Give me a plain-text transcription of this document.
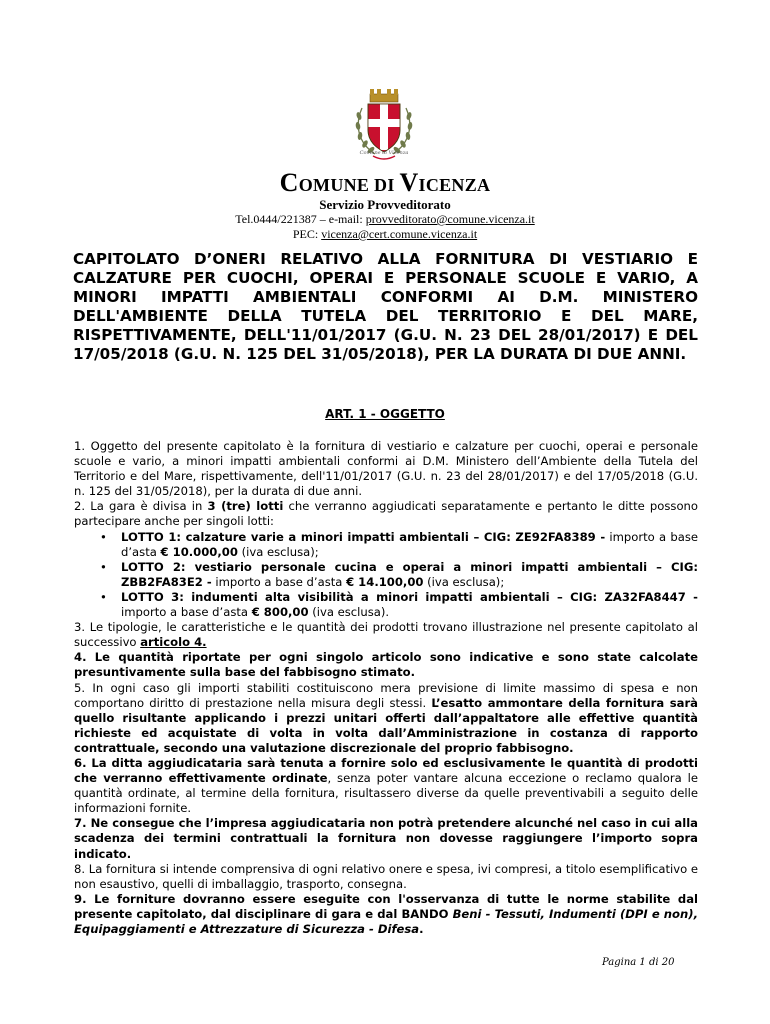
Comune di Vicenza
COMUNE DI VICENZA
Servizio Provveditorato
Tel.0444/221387 – e-mail: provveditorato@comune.vicenza.it
PEC: vicenza@cert.comune.vicenza.it
CAPITOLATO D’ONERI RELATIVO ALLA FORNITURA DI VESTIARIO E CALZATURE PER CUOCHI, OPERAI E PERSONALE SCUOLE E VARIO, A MINORI IMPATTI AMBIENTALI CONFORMI AI D.M. MINISTERO DELL'AMBIENTE DELLA TUTELA DEL TERRITORIO E DEL MARE, RISPETTIVAMENTE, DELL'11/01/2017 (G.U. N. 23 DEL 28/01/2017) E DEL 17/05/2018 (G.U. N. 125 DEL 31/05/2018), PER LA DURATA DI DUE ANNI.
ART. 1 - OGGETTO

1. Oggetto del presente capitolato è la fornitura di vestiario e calzature per cuochi, operai e personale scuole e vario, a minori impatti ambientali conformi ai D.M. Ministero dell’Ambiente della Tutela del Territorio e del Mare, rispettivamente, dell'11/01/2017 (G.U. n. 23 del 28/01/2017) e del 17/05/2018 (G.U. n. 125 del 31/05/2018), per la durata di due anni.

2. La gara è divisa in 3 (tre) lotti che verranno aggiudicati separatamente e pertanto le ditte possono partecipare anche per singoli lotti:

• LOTTO 1: calzature varie a minori impatti ambientali – CIG: ZE92FA8389 - importo a base d’asta € 10.000,00 (iva esclusa);
• LOTTO 2: vestiario personale cucina e operai a minori impatti ambientali – CIG: ZBB2FA83E2 - importo a base d’asta € 14.100,00 (iva esclusa);
• LOTTO 3: indumenti alta visibilità a minori impatti ambientali – CIG: ZA32FA8447 - importo a base d’asta € 800,00 (iva esclusa).

3. Le tipologie, le caratteristiche e le quantità dei prodotti trovano illustrazione nel presente capitolato al successivo articolo 4.

4. Le quantità riportate per ogni singolo articolo sono indicative e sono state calcolate presuntivamente sulla base del fabbisogno stimato.

5. In ogni caso gli importi stabiliti costituiscono mera previsione di limite massimo di spesa e non comportano diritto di prestazione nella misura degli stessi. L’esatto ammontare della fornitura sarà quello risultante applicando i prezzi unitari offerti dall’appaltatore alle effettive quantità richieste ed acquistate di volta in volta dall’Amministrazione in costanza di rapporto contrattuale, secondo una valutazione discrezionale del proprio fabbisogno.

6. La ditta aggiudicataria sarà tenuta a fornire solo ed esclusivamente le quantità di prodotti che verranno effettivamente ordinate, senza poter vantare alcuna eccezione o reclamo qualora le quantità ordinate, al termine della fornitura, risultassero diverse da quelle preventivabili a seguito delle informazioni fornite.

7. Ne consegue che l’impresa aggiudicataria non potrà pretendere alcunché nel caso in cui alla scadenza dei termini contrattuali la fornitura non dovesse raggiungere l’importo sopra indicato.

8. La fornitura si intende comprensiva di ogni relativo onere e spesa, ivi compresi, a titolo esemplificativo e non esaustivo, quelli di imballaggio, trasporto, consegna.

9. Le forniture dovranno essere eseguite con l'osservanza di tutte le norme stabilite dal presente capitolato, dal disciplinare di gara e dal BANDO Beni - Tessuti, Indumenti (DPI e non), Equipaggiamenti e Attrezzature di Sicurezza - Difesa.

Pagina 1 di 20
